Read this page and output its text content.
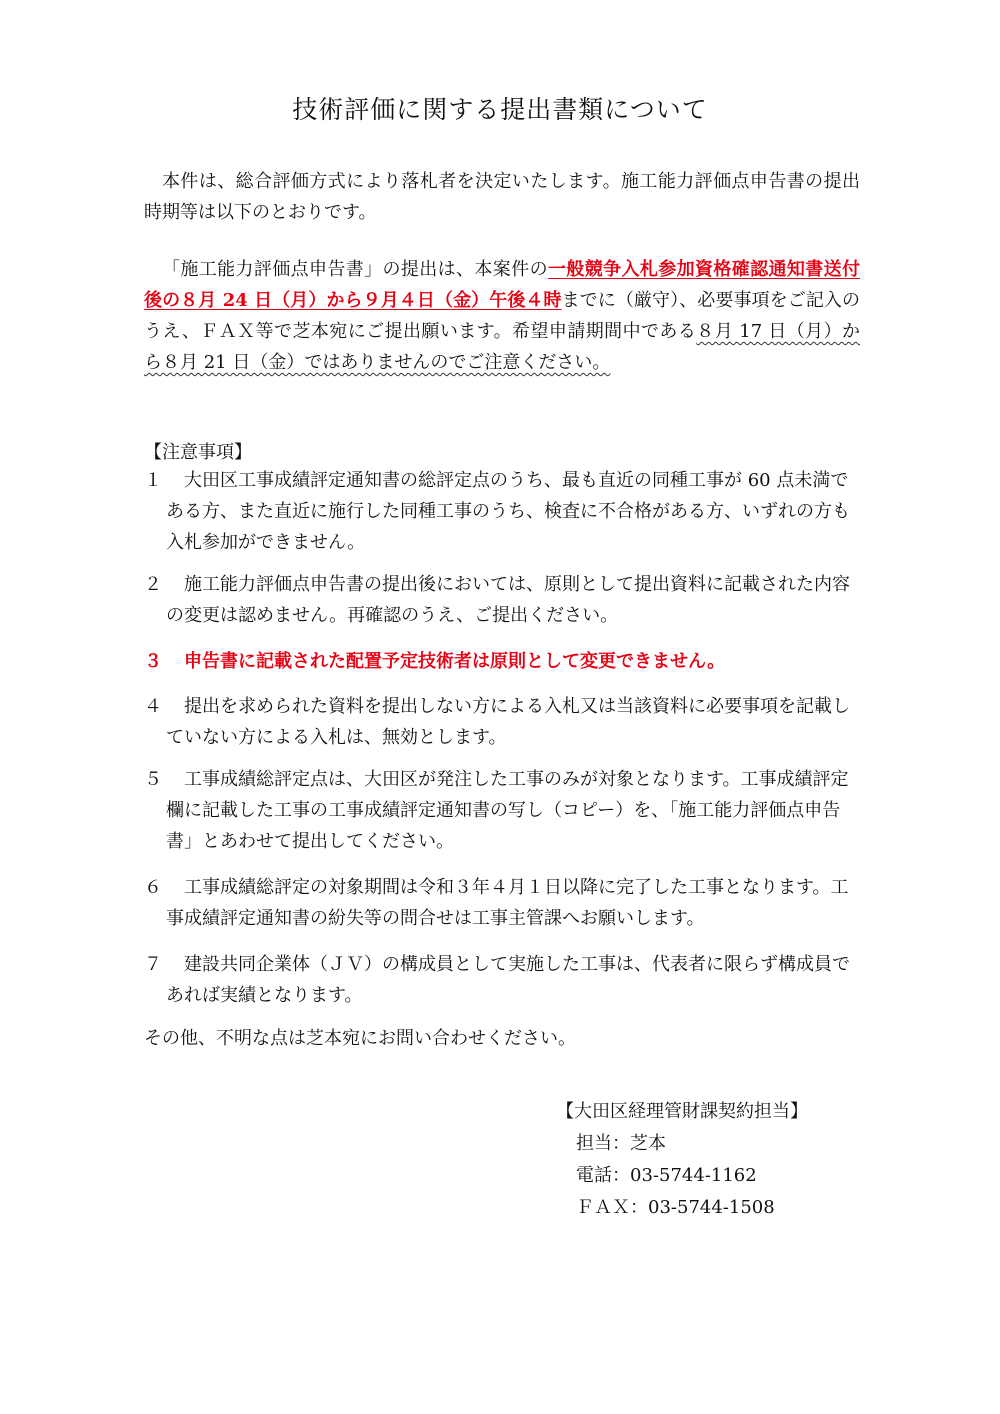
技術評価に関する提出書類について
本件は、総合評価方式により落札者を決定いたします。施工能力評価点申告書の提出時期等は以下のとおりです。
「施工能力評価点申告書」の提出は、本案件の一般競争入札参加資格確認通知書送付後の８月 24 日（月）から９月４日（金）午後４時までに（厳守）、必要事項をご記入のうえ、ＦＡＸ等で芝本宛にご提出願います。希望申請期間中である８月 17 日（月）から８月 21 日（金）ではありませんのでご注意ください。
【注意事項】
１ 大田区工事成績評定通知書の総評定点のうち、最も直近の同種工事が 60 点未満である方、また直近に施行した同種工事のうち、検査に不合格がある方、いずれの方も入札参加ができません。
２ 施工能力評価点申告書の提出後においては、原則として提出資料に記載された内容の変更は認めません。再確認のうえ、ご提出ください。
３ 申告書に記載された配置予定技術者は原則として変更できません。
４ 提出を求められた資料を提出しない方による入札又は当該資料に必要事項を記載していない方による入札は、無効とします。
５ 工事成績総評定点は、大田区が発注した工事のみが対象となります。工事成績評定欄に記載した工事の工事成績評定通知書の写し（コピー）を、「施工能力評価点申告書」とあわせて提出してください。
６ 工事成績総評定の対象期間は令和３年４月１日以降に完了した工事となります。工事成績評定通知書の紛失等の問合せは工事主管課へお願いします。
７ 建設共同企業体（ＪＶ）の構成員として実施した工事は、代表者に限らず構成員であれば実績となります。
その他、不明な点は芝本宛にお問い合わせください。
【大田区経理管財課契約担当】
担当：芝本
電話：03-5744-1162
ＦＡＸ：03-5744-1508
